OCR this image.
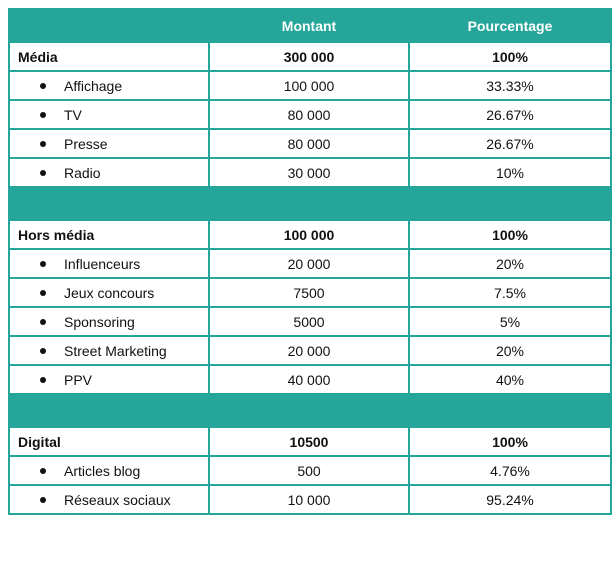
	Montant	Pourcentage
Média	300 000	100%
Affichage	100 000	33.33%
TV	80 000	26.67%
Presse	80 000	26.67%
Radio	30 000	10%

Hors média	100 000	100%
Influenceurs	20 000	20%
Jeux concours	7500	7.5%
Sponsoring	5000	5%
Street Marketing	20 000	20%
PPV	40 000	40%

Digital	10500	100%
Articles blog	500	4.76%
Réseaux sociaux	10 000	95.24%
